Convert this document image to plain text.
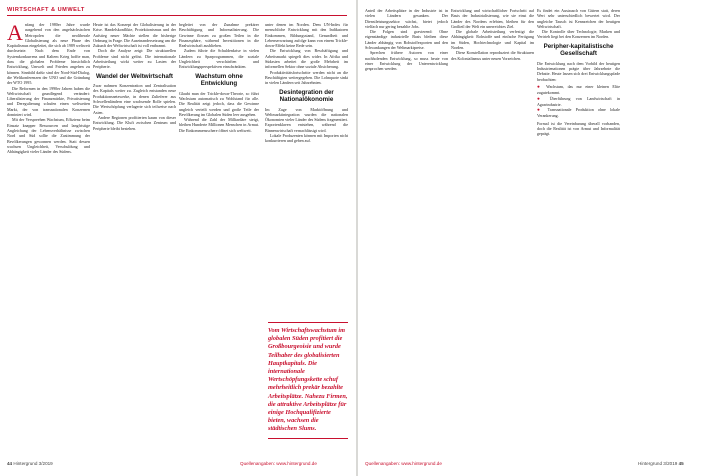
WIRTSCHAFT & UMWELT
A nfang der 1980er Jahre wurde ausgehend von den angelsächsischen Metropolen die neoliberale Globalisierung als neue Phase des Kapitalismus eingeleitet, die sich ab 1989 weltweit durchsetzte. Nach dem Ende von Systemkonkurrenz und Kaltem Krieg hoffte man, dass die globalen Probleme hinsichtlich Entwicklung, Umwelt und Frieden angehen zu können. Sinnbild dafür sind der Nord-Süd-Dialog, die Weltkonferenzen der UNO und die Gründung der WTO 1995.

Die Reformen in den 1990er Jahren haben die Weltwirtschaft grundlegend verändert: Liberalisierung der Finanzmärkte, Privatisierung und Deregulierung schufen einen weltweiten Markt, der von transnationalen Konzernen dominiert wird.

Mit der Verspreehen Wachstum, Effizienz beim Einsatz knapper Ressourcen und langfristige Angleichung der Lebensverhältnisse zwischen Nord und Süd sollte die Zustimmung der Bevölkerungen gewonnen werden. Statt dessen wachsen Ungleichheit, Verschuldung und Abhängigkeit vieler Länder des Südens.

Heute ist das Konzept der Globalisierung in der Krise. Handelskonflikte, Protektionismus und der Aufstieg neuer Mächte stellen die bisherige Ordnung in Frage. Die Auseinandersetzung um die Zukunft der Weltwirtschaft ist voll entbrannt.

Doch die Analyse zeigt: Die strukturellen Probleme sind nicht gelöst. Die internationale Arbeitsteilung wirkt weiter zu Lasten der Peripherie.

Wandel der Weltwirtschaft

Zwar nahmen Konzentration und Zentralisation des Kapitals weiter zu. Zugleich entstanden neue Produktionsnetzwerke, in denen Zulieferer aus Schwellenländern eine wachsende Rolle spielen. Die Wertschöpfung verlagerte sich teilweise nach Asien.

Andere Regionen profitierten kaum von dieser Entwicklung. Die Kluft zwischen Zentrum und Peripherie bleibt bestehen.

begleitet von der Zunahme prekärer Beschäftigung und Informalisierung. Die Gewinne flossen zu großen Teilen in die Finanzsphäre, während Investitionen in die Realwirtschaft ausblieben.

Zudem führte die Schuldenkrise in vielen Ländern zu Sparprogrammen, die soziale Ungleichheit verschärften und Entwicklungsperspektiven einschränkten.

Wachstum ohne Entwicklung

Glaubt man der Trickle-down-Theorie, so führt Wachstum automatisch zu Wohlstand für alle. Die Realität zeigt jedoch, dass die Gewinne ungleich verteilt werden und große Teile der Bevölkerung im Globalen Süden leer ausgehen.

Während die Zahl der Milliardäre steigt, bleiben Hunderte Millionen Menschen in Armut. Die Einkommensschere öffnet sich weltweit.

unter denen im Norden. Dem UN-Index für menschliche Entwicklung mit den Indikatoren Einkommen, Bildungsstand, Gesundheit und Lebenserwartung zufolge kann von einem Trickle-down-Effekt keine Rede sein.

Die Entwicklung von Beschäftigung und Arbeitsmarkt spiegelt dies wider. In Afrika und Südasien arbeitet die große Mehrheit im informellen Sektor ohne soziale Absicherung.

Produktivitätsfortschritte werden nicht an die Beschäftigten weitergegeben. Die Lohnquote sinkt in vielen Ländern seit Jahrzehnten.

Desintegration der Nationalökonomie

Im Zuge von Marktöffnung und Weltmarktintegration wurden die nationalen Ökonomien vieler Länder des Südens fragmentiert. Exportenklaven entstehen, während die Binnenwirtschaft vernachlässigt wird.

Lokale Produzenten können mit Importen nicht konkurrieren und geben auf.

Vom Wirtschaftswachstum im globalen Süden profitiert die Großbourgeoisie und wurde Teilhaber des globalisierten Hauptkapitals. Die internationale Wertschöpfungskette schuf mehrheitlich prekär bezahlte Arbeitsplätze. Nahezu Firmen, die attraktive Arbeitsplätze für einige Hochqualifizierte bieten, wachsen die städtischen Slums.
44 Hintergrund 3/2019	Quellenangaben: www.hintergrund.de

Anteil der Arbeitsplätze in der Industrie ist in vielen Ländern gesunken. Der Dienstleistungssektor wächst, bietet jedoch vielfach nur gering bezahlte Jobs.

Die Folgen sind gravierend: Ohne eigenständige industrielle Basis bleiben diese Länder abhängig von Rohstoffexporten und den Schwankungen der Weltmarktpreise.

Sprechen frühere Autoren von einer nachholenden Entwicklung, so muss heute von einer Entwicklung der Unterentwicklung gesprochen werden.

Entwicklung und wirtschaftlicher Fortschritt auf Basis der Industrialisierung, wie sie einst die Länder des Nordens erlebten, bleiben für den Großteil der Welt ein unerreichtes Ziel.

Die globale Arbeitsteilung verfestigt die Abhängigkeit: Rohstoffe und einfache Fertigung im Süden, Hochtechnologie und Kapital im Norden.

Diese Konstellation reproduziert die Strukturen des Kolonialismus unter neuen Vorzeichen.

Es findet ein Austausch von Gütern statt, deren Wert sehr unterschiedlich bewertet wird. Der ungleiche Tausch ist Kennzeichen der heutigen Weltwirtschaft.

Die Kontrolle über Technologie, Marken und Vertrieb liegt bei den Konzernen im Norden.

Peripher-kapitalistische Gesellschaft

Die Entwicklung nach dem Vorbild der heutigen Industrienationen prägte über Jahrzehnte die Debatte. Heute lassen sich drei Entwicklungspfade beobachten:

● Wachstum, das nur einer kleinen Elite zugutekommt.
● Überführung von Landwirtschaft in Agrarindustrie.
● Transnationale Produktion ohne lokale Verankerung.

Formal ist die Vereinbarung überall vorhanden, doch die Realität ist von Armut und Informalität geprägt.

Quellenangaben: www.hintergrund.de	Hintergrund 3/2019 45
